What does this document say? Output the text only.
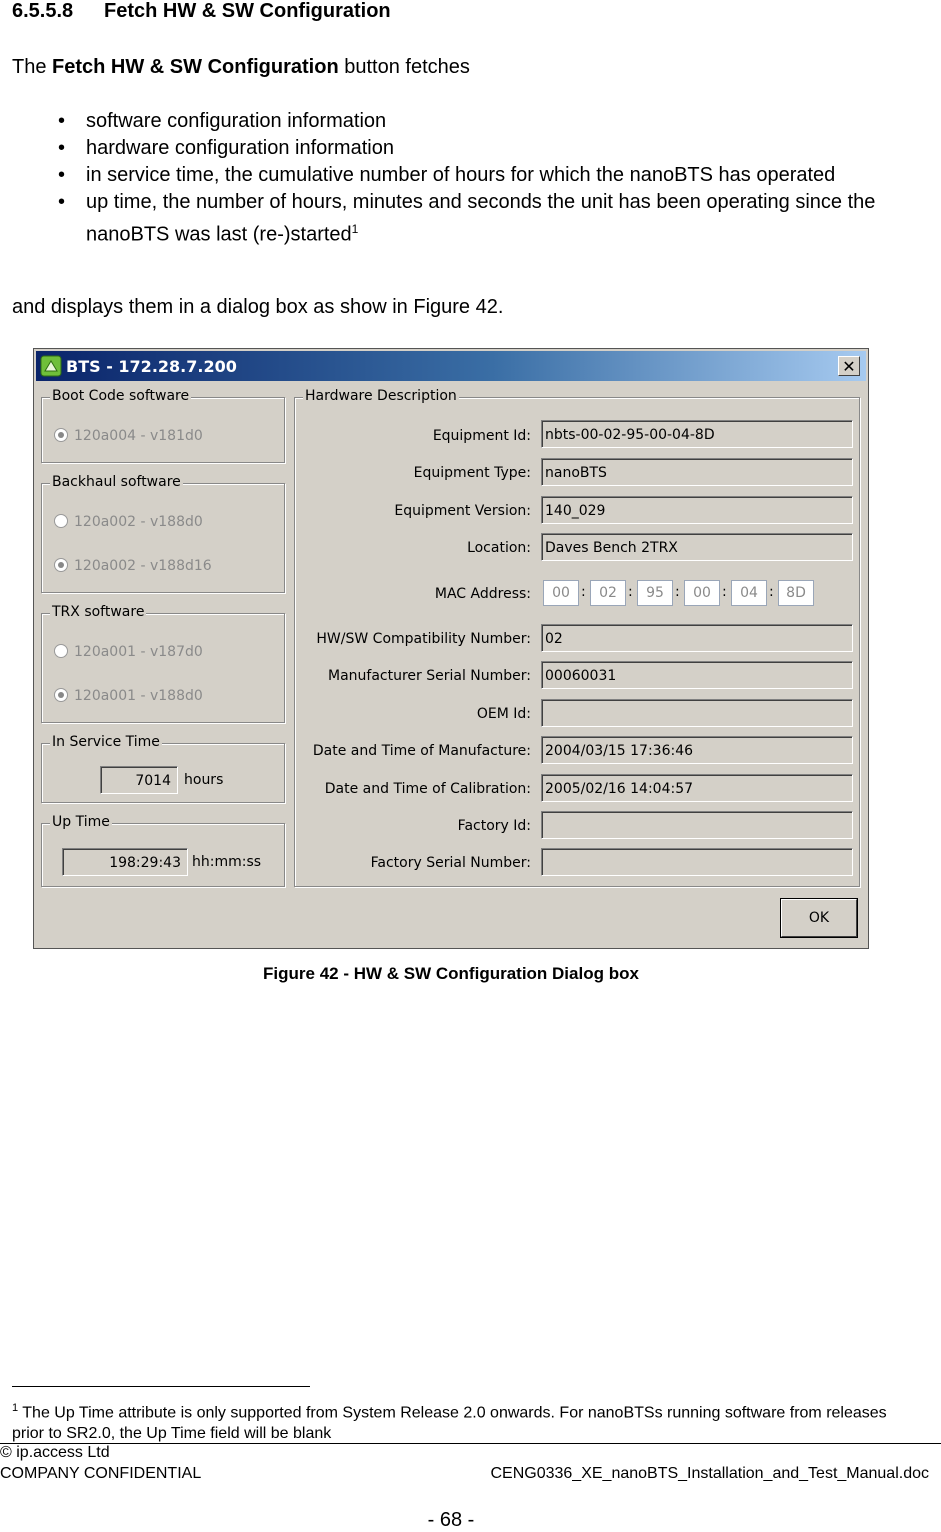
6.5.5.8 Fetch HW & SW Configuration
The Fetch HW & SW Configuration button fetches
• software configuration information
• hardware configuration information
• in service time, the cumulative number of hours for which the nanoBTS has operated
• up time, the number of hours, minutes and seconds the unit has been operating since the nanoBTS was last (re-)started$^1$
and displays them in a dialog box as show in Figure 42.
BTS - 172.28.7.200	✕
Boot Code software
120a004 - v181d0
Backhaul software
120a002 - v188d0
120a002 - v188d16
TRX software
120a001 - v187d0
120a001 - v188d0
In Service Time
7014 hours
Up Time
198:29:43 hh:mm:ss
Hardware Description
Equipment Id: nbts-00-02-95-00-04-8D
Equipment Type: nanoBTS
Equipment Version: 140_029
Location: Daves Bench 2TRX
MAC Address:
HW/SW Compatibility Number: 02
Manufacturer Serial Number: 00060031
OEM Id:
Date and Time of Manufacture: 2004/03/15 17:36:46
Date and Time of Calibration: 2005/02/16 14:04:57
Factory Id:
Factory Serial Number:
00 : 02 : 95 : 00 : 04 : 8D
OK
Figure 42 - HW & SW Configuration Dialog box
$^1$ The Up Time attribute is only supported from System Release 2.0 onwards. For nanoBTSs running software from releases prior to SR2.0, the Up Time field will be blank
© ip.access Ltd
COMPANY CONFIDENTIAL	CENG0336_XE_nanoBTS_Installation_and_Test_Manual.doc
- 68 -
